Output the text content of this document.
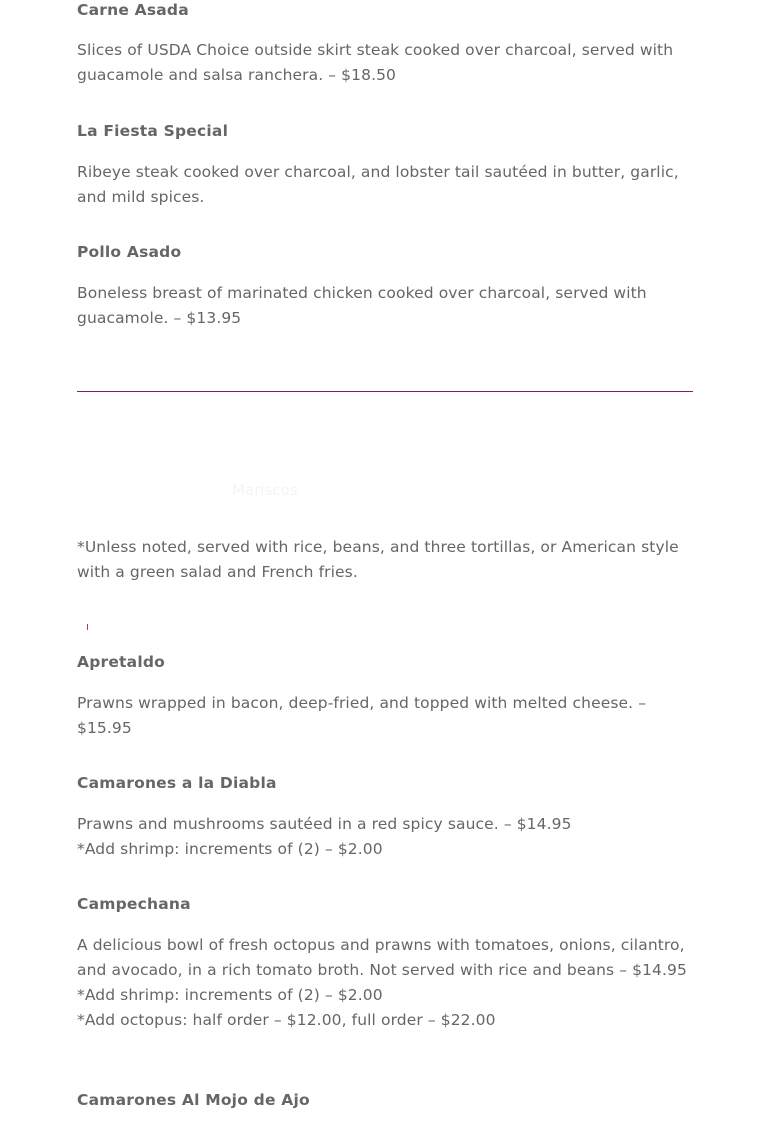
Carne Asada

Slices of USDA Choice outside skirt steak cooked over charcoal, served with guacamole and salsa ranchera. – $18.50

La Fiesta Special

Ribeye steak cooked over charcoal, and lobster tail sautéed in butter, garlic, and mild spices.

Pollo Asado

Boneless breast of marinated chicken cooked over charcoal, served with guacamole. – $13.95

Mariscos

*Unless noted, served with rice, beans, and three tortillas, or American style with a green salad and French fries.

Apretaldo

Prawns wrapped in bacon, deep-fried, and topped with melted cheese. – $15.95

Camarones a la Diabla

Prawns and mushrooms sautéed in a red spicy sauce. – $14.95

*Add shrimp: increments of (2) – $2.00

Campechana

A delicious bowl of fresh octopus and prawns with tomatoes, onions, cilantro, and avocado, in a rich tomato broth. Not served with rice and beans – $14.95

*Add shrimp: increments of (2) – $2.00

*Add octopus: half order – $12.00, full order – $22.00

Camarones Al Mojo de Ajo
